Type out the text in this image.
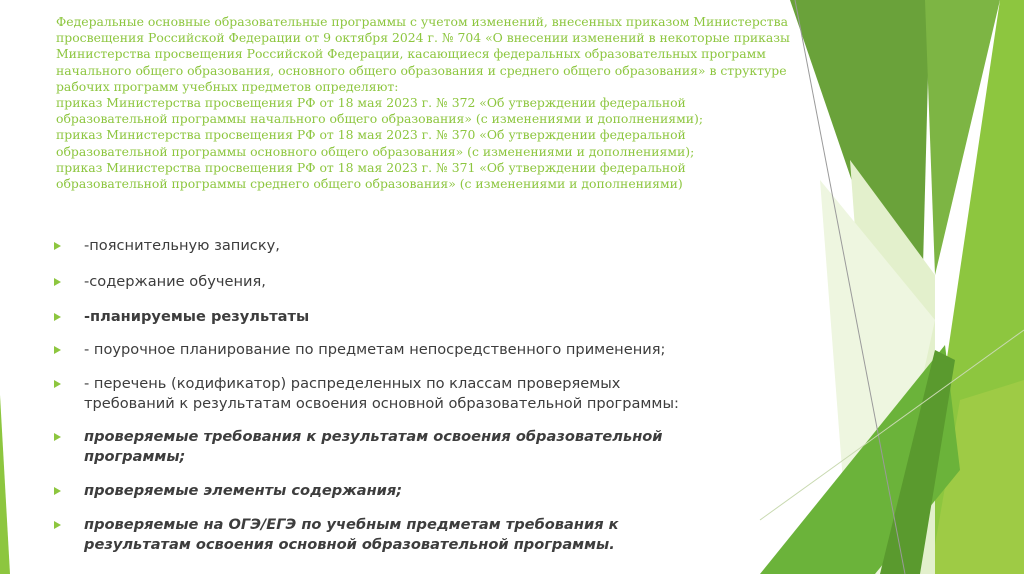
Федеральные основные образовательные программы с учетом изменений, внесенных приказом Министерства
просвещения Российской Федерации от 9 октября 2024 г. № 704 «О внесении изменений в некоторые приказы
Министерства просвещения Российской Федерации, касающиеся федеральных образовательных программ
начального общего образования, основного общего образования и среднего общего образования» в структуре
рабочих программ учебных предметов определяют:
приказ Министерства просвещения РФ от 18 мая 2023 г. № 372 «Об утверждении федеральной
образовательной программы начального общего образования» (с изменениями и дополнениями);
приказ Министерства просвещения РФ от 18 мая 2023 г. № 370 «Об утверждении федеральной
образовательной программы основного общего образования» (с изменениями и дополнениями);
приказ Министерства просвещения РФ от 18 мая 2023 г. № 371 «Об утверждении федеральной
образовательной программы среднего общего образования» (с изменениями и дополнениями)
-пояснительную записку,
-содержание обучения,
-планируемые результаты
- поурочное планирование по предметам непосредственного применения;
- перечень (кодификатор) распределенных по классам проверяемых
требований к результатам освоения основной образовательной программы:
проверяемые требования к результатам освоения образовательной
программы;
проверяемые элементы содержания;
проверяемые на ОГЭ/ЕГЭ по учебным предметам требования к
результатам освоения основной образовательной программы.
